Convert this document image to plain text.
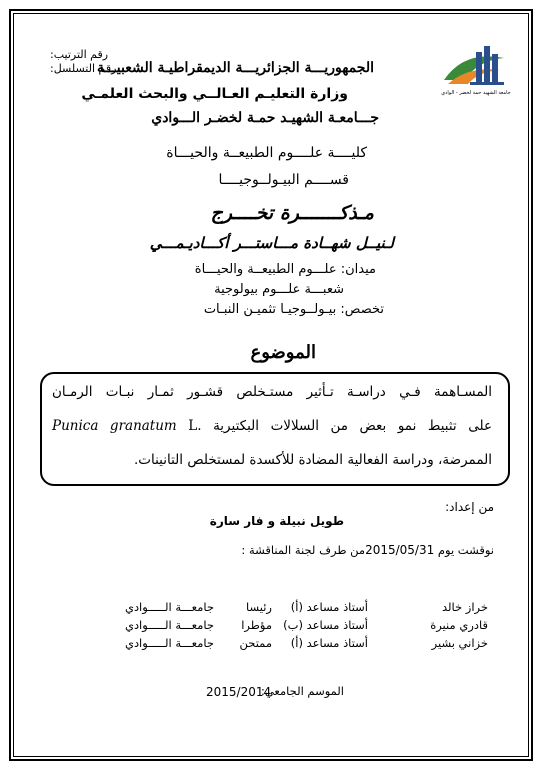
رقم الترتيب:
رقم التسلسل:
جامعة الشهيد حمة لخضر - الوادي
الجمهوريـــة الجزائريـــة الديمقراطيـة الشعبيـــة
وزارة التعليـم العـالــي والبحث العلمـي
جـــامعـة الشهيـد حمـة لخضـر الـــوادي
كليــــة علــــوم الطبيعــة والحيـــاة
قســــم البيـولــوجيــــا
مـذكـــــــرة تخــــرج
لـنيــل شهــادة مـــاستـــر أكـــاديـمـــي
ميدان: علـــوم الطبيعــة والحيـــاة
شعبـــة علـــوم بيولوجية
تخصص: بيـولــوجيـا تثميـن النبـات
الموضوع
المسـاهمة فـي دراسـة تـأثير مستـخلص قشـور ثمـار نبـات الرمـان
على تثبيط نمو بعض من السلالات البكتيرية Punica granatum L.
الممرضة، ودراسة الفعالية المضادة للأكسدة لمستخلص التانينات.
من إعداد:
طويل نبيلة و فار سارة
نوقشت يوم 2015/05/31من طرف لجنة المناقشة :
خراز خالد
أستاذ مساعد (أ)
رئيسا
جامعـــة الـــــوادي
قادري منيرة
أستاذ مساعد (ب)
مؤطرا
جامعـــة الـــــوادي
خزاني بشير
أستاذ مساعد (أ)
ممتحن
جامعـــة الـــــوادي
الموسم الجامعي:
2015/2014
